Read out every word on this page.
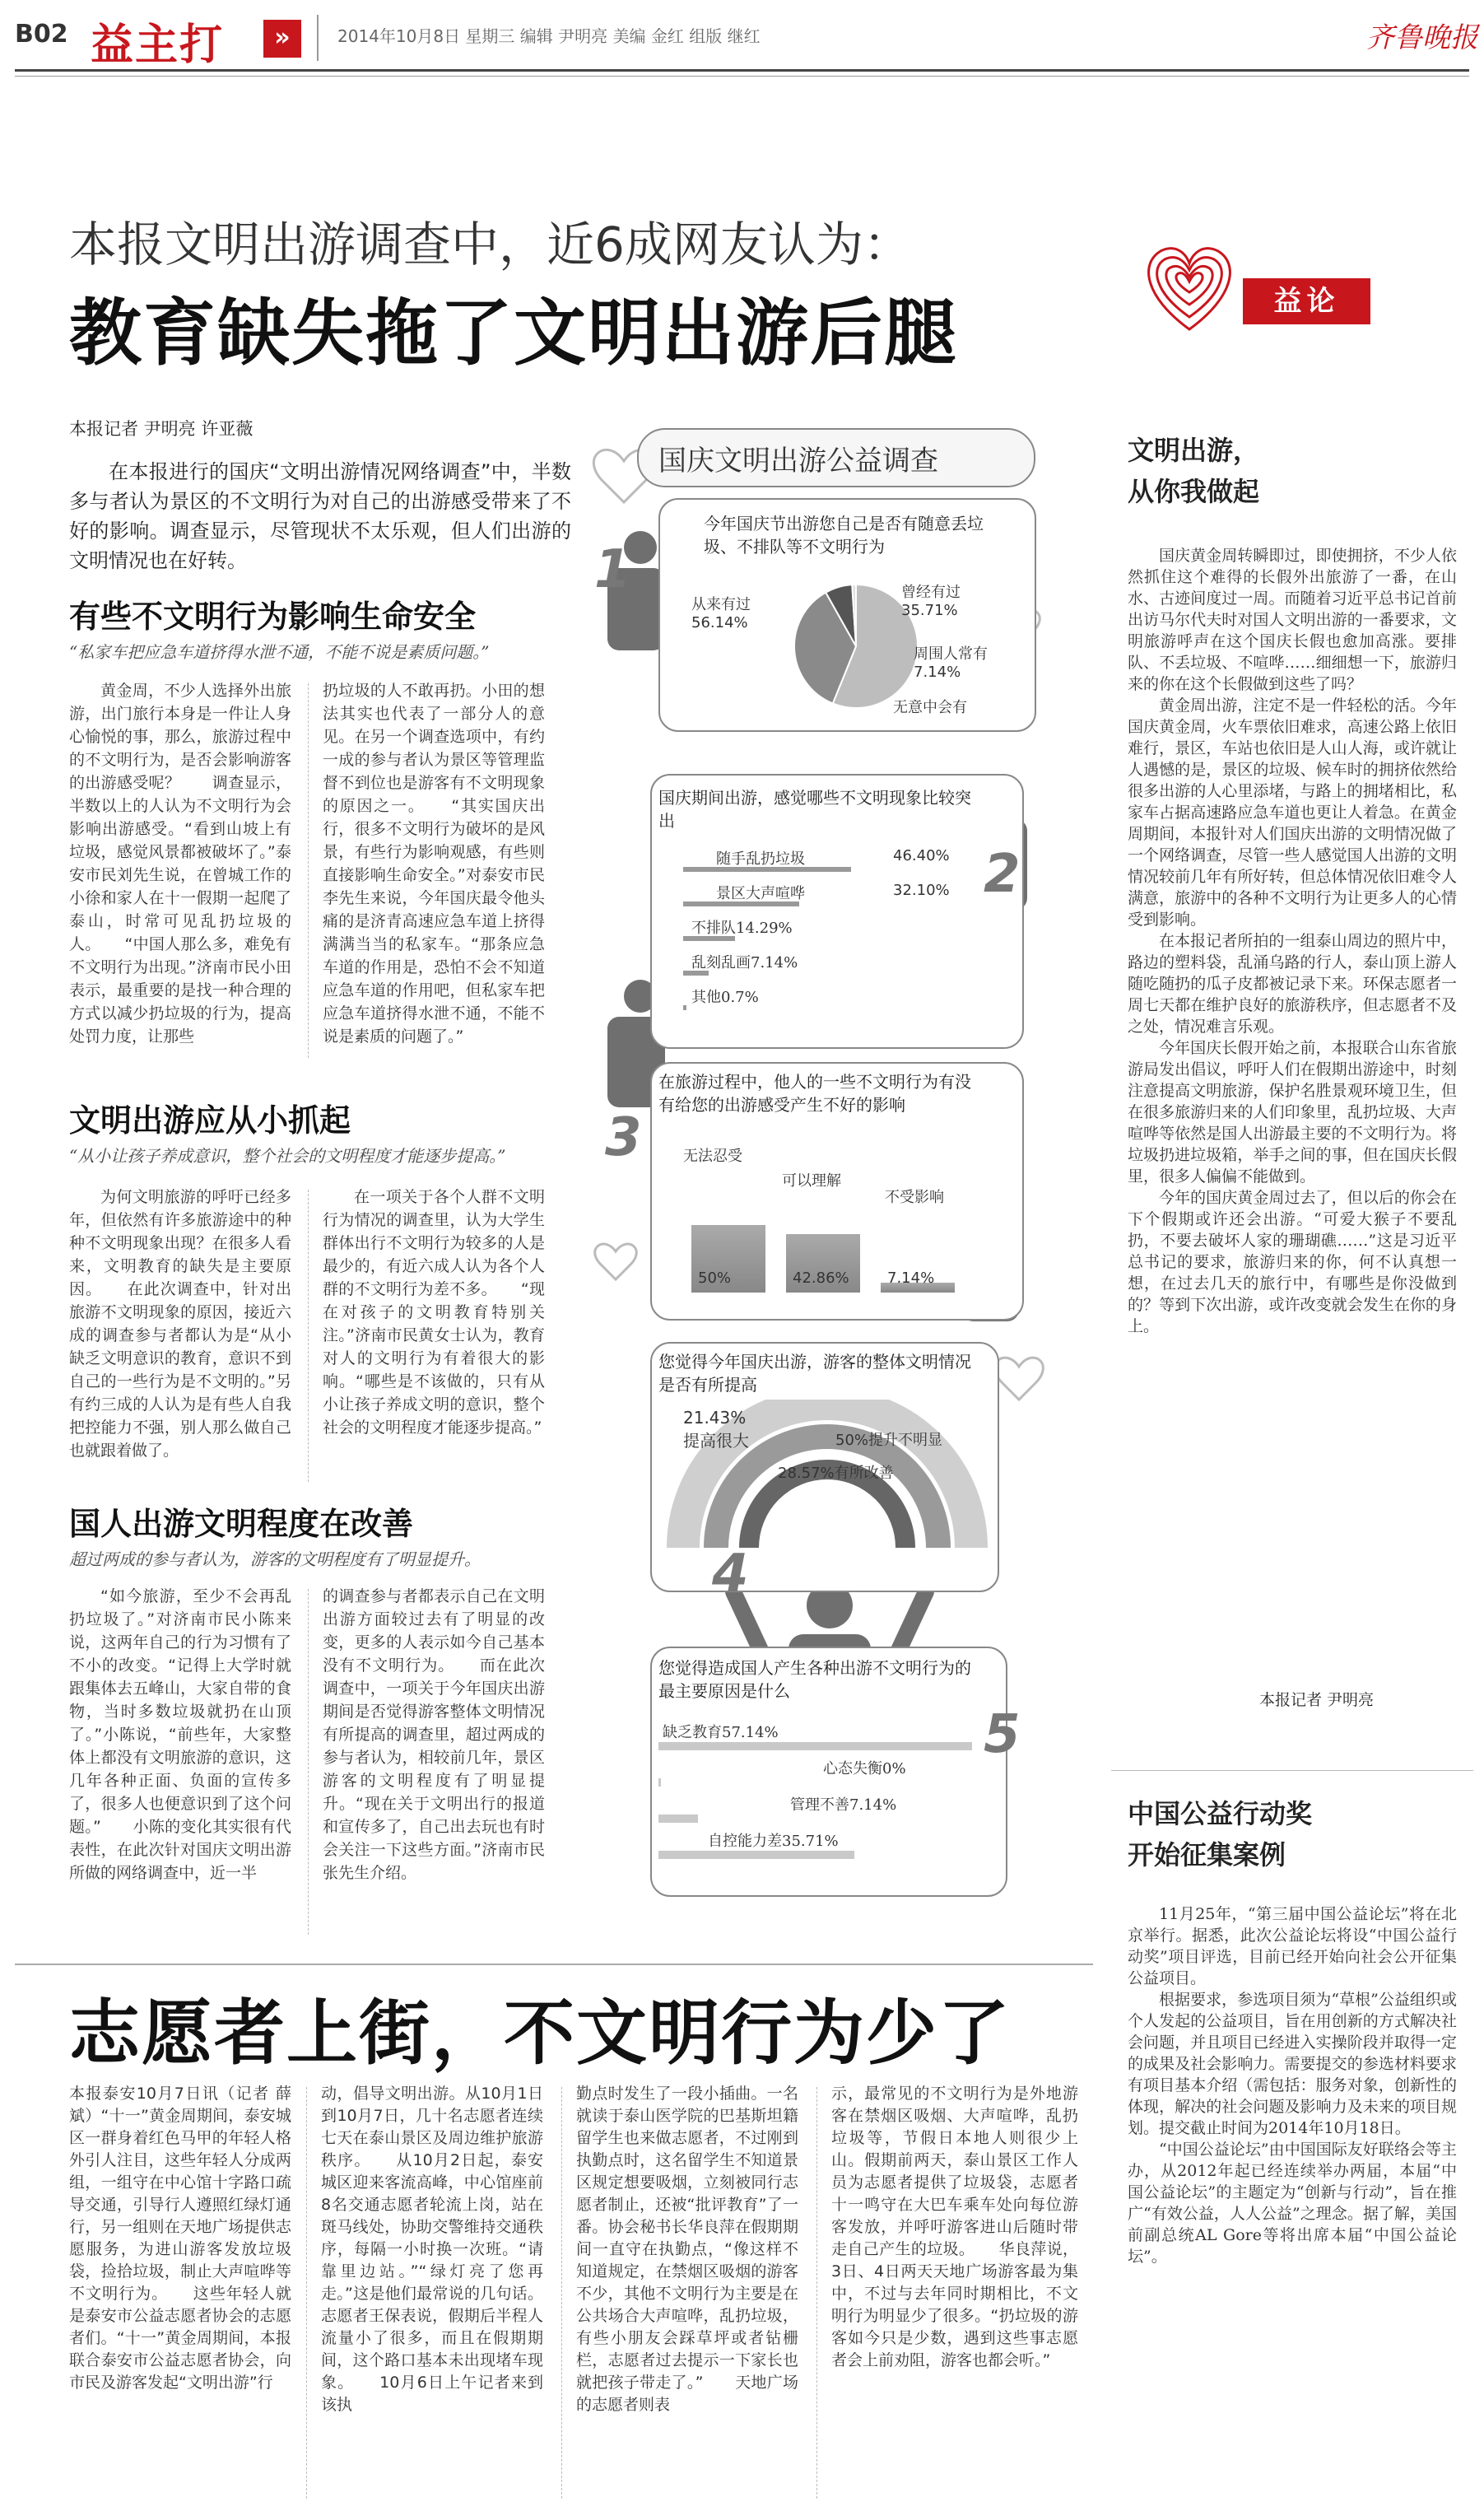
B02 益主打	»	2014年10月8日 星期三 编辑 尹明亮 美编 金红 组版 继红	齐鲁晚报
本报文明出游调查中，近6成网友认为：
教育缺失拖了文明出游后腿
本报记者 尹明亮 许亚薇
在本报进行的国庆“文明出游情况网络调查”中，半数多与者认为景区的不文明行为对自己的出游感受带来了不好的影响。调查显示，尽管现状不太乐观，但人们出游的文明情况也在好转。
有些不文明行为影响生命安全
“私家车把应急车道挤得水泄不通，不能不说是素质问题。”
黄金周，不少人选择外出旅游，出门旅行本身是一件让人身心愉悦的事，那么，旅游过程中的不文明行为，是否会影响游客的出游感受呢？　　调查显示，半数以上的人认为不文明行为会影响出游感受。“看到山坡上有垃圾，感觉风景都被破坏了。”泰安市民刘先生说，在曾城工作的小徐和家人在十一假期一起爬了泰山，时常可见乱扔垃圾的人。　　“中国人那么多，难免有不文明行为出现。”济南市民小田表示，最重要的是找一种合理的方式以减少扔垃圾的行为，提高处罚力度，让那些
扔垃圾的人不敢再扔。小田的想法其实也代表了一部分人的意见。在另一个调查选项中，有约一成的参与者认为景区等管理监督不到位也是游客有不文明现象的原因之一。　　“其实国庆出行，很多不文明行为破坏的是风景，有些行为影响观感，有些则直接影响生命安全。”对泰安市民李先生来说，今年国庆最令他头痛的是济青高速应急车道上挤得满满当当的私家车。“那条应急车道的作用是，恐怕不会不知道应急车道的作用吧，但私家车把应急车道挤得水泄不通，不能不说是素质的问题了。”
文明出游应从小抓起
“从小让孩子养成意识，整个社会的文明程度才能逐步提高。”
为何文明旅游的呼吁已经多年，但依然有许多旅游途中的种种不文明现象出现？在很多人看来，文明教育的缺失是主要原因。　　在此次调查中，针对出旅游不文明现象的原因，接近六成的调查参与者都认为是“从小缺乏文明意识的教育，意识不到自己的一些行为是不文明的。”另有约三成的人认为是有些人自我把控能力不强，别人那么做自己也就跟着做了。
在一项关于各个人群不文明行为情况的调查里，认为大学生群体出行不文明行为较多的人是最少的，有近六成人认为各个人群的不文明行为差不多。　　“现在对孩子的文明教育特别关注。”济南市民黄女士认为，教育对人的文明行为有着很大的影响。“哪些是不该做的，只有从小让孩子养成文明的意识，整个社会的文明程度才能逐步提高。”
国人出游文明程度在改善
超过两成的参与者认为，游客的文明程度有了明显提升。
“如今旅游，至少不会再乱扔垃圾了。”对济南市民小陈来说，这两年自己的行为习惯有了不小的改变。“记得上大学时就跟集体去五峰山，大家自带的食物，当时多数垃圾就扔在山顶了。”小陈说，“前些年，大家整体上都没有文明旅游的意识，这几年各种正面、负面的宣传多了，很多人也便意识到了这个问题。”　　小陈的变化其实很有代表性，在此次针对国庆文明出游所做的网络调查中，近一半
的调查参与者都表示自己在文明出游方面较过去有了明显的改变，更多的人表示如今自己基本没有不文明行为。　　而在此次调查中，一项关于今年国庆出游期间是否觉得游客整体文明情况有所提高的调查里，超过两成的参与者认为，相较前几年，景区游客的文明程度有了明显提升。“现在关于文明出行的报道和宣传多了，自己出去玩也有时会关注一下这些方面。”济南市民张先生介绍。
国庆文明出游公益调查
1
今年国庆节出游您自己是否有随意丢垃圾、不排队等不文明行为
从来有过
56.14%
曾经有过
35.71%
周围人常有7.14%
无意中会有
2
国庆期间出游，感觉哪些不文明现象比较突出
随手乱扔垃圾	46.40%
景区大声喧哗	32.10%
不排队14.29%
乱刻乱画7.14%
其他0.7%
3
在旅游过程中，他人的一些不文明行为有没有给您的出游感受产生不好的影响
无法忍受
50%
可以理解
42.86%
不受影响
7.14%
4
您觉得今年国庆出游，游客的整体文明情况是否有所提高
21.43%
提高很大	50%提升不明显
28.57%有所改善
5
您觉得造成国人产生各种出游不文明行为的最主要原因是什么
缺乏教育57.14%
心态失衡0%
管理不善7.14%
自控能力差35.71%
益论
文明出游，
从你我做起

国庆黄金周转瞬即过，即使拥挤，不少人依然抓住这个难得的长假外出旅游了一番，在山水、古迹间度过一周。而随着习近平总书记首前出访马尔代夫时对国人文明出游的一番要求，文明旅游呼声在这个国庆长假也愈加高涨。要排队、不丢垃圾、不喧哗……细细想一下，旅游归来的你在这个长假做到这些了吗？

黄金周出游，注定不是一件轻松的活。今年国庆黄金周，火车票依旧难求，高速公路上依旧难行，景区，车站也依旧是人山人海，或许就让人遇憾的是，景区的垃圾、候车时的拥挤依然给很多出游的人心里添堵，与路上的拥堵相比，私家车占据高速路应急车道也更让人着急。在黄金周期间，本报针对人们国庆出游的文明情况做了一个网络调查，尽管一些人感觉国人出游的文明情况较前几年有所好转，但总体情况依旧难令人满意，旅游中的各种不文明行为让更多人的心情受到影响。

在本报记者所拍的一组泰山周边的照片中，路边的塑料袋，乱涌乌路的行人，泰山顶上游人随吃随扔的瓜子皮都被记录下来。环保志愿者一周七天都在维护良好的旅游秩序，但志愿者不及之处，情况难言乐观。

今年国庆长假开始之前，本报联合山东省旅游局发出倡议，呼吁人们在假期出游途中，时刻注意提高文明旅游，保护名胜景观环境卫生，但在很多旅游归来的人们印象里，乱扔垃圾、大声喧哗等依然是国人出游最主要的不文明行为。将垃圾扔进垃圾箱，举手之间的事，但在国庆长假里，很多人偏偏不能做到。

今年的国庆黄金周过去了，但以后的你会在下个假期或许还会出游。“可爱大猴子不要乱扔，不要去破坏人家的珊瑚礁……”这是习近平总书记的要求，旅游归来的你，何不认真想一想，在过去几天的旅行中，有哪些是你没做到的？等到下次出游，或许改变就会发生在你的身上。

本报记者 尹明亮
中国公益行动奖
开始征集案例

11月25年，“第三届中国公益论坛”将在北京举行。据悉，此次公益论坛将设“中国公益行动奖”项目评选，目前已经开始向社会公开征集公益项目。

根据要求，参选项目须为“草根”公益组织或个人发起的公益项目，旨在用创新的方式解决社会问题，并且项目已经进入实操阶段并取得一定的成果及社会影响力。需要提交的参选材料要求有项目基本介绍（需包括：服务对象，创新性的体现，解决的社会问题及影响力及未来的项目规划。提交截止时间为2014年10月18日。

“中国公益论坛”由中国国际友好联络会等主办，从2012年起已经连续举办两届，本届“中国公益论坛”的主题定为“创新与行动”，旨在推广“有效公益，人人公益”之理念。据了解，美国前副总统AL Gore等将出席本届“中国公益论坛”。

志愿者上街，不文明行为少了
本报泰安10月7日讯（记者 薛斌）“十一”黄金周期间，泰安城区一群身着红色马甲的年轻人格外引人注目，这些年轻人分成两组，一组守在中心馆十字路口疏导交通，引导行人遵照红绿灯通行，另一组则在天地广场提供志愿服务，为进山游客发放垃圾袋，捡拾垃圾，制止大声喧哗等不文明行为。　　这些年轻人就是泰安市公益志愿者协会的志愿者们。“十一”黄金周期间，本报联合泰安市公益志愿者协会，向市民及游客发起“文明出游”行
动，倡导文明出游。从10月1日到10月7日，几十名志愿者连续七天在泰山景区及周边维护旅游秩序。　　从10月2日起，泰安城区迎来客流高峰，中心馆座前8名交通志愿者轮流上岗，站在斑马线处，协助交警维持交通秩序，每隔一小时换一次班。“请靠里边站。”“绿灯亮了您再走。”这是他们最常说的几句话。志愿者王保表说，假期后半程人流量小了很多，而且在假期期间，这个路口基本未出现堵车现象。　　10月6日上午记者来到该执
勤点时发生了一段小插曲。一名就读于泰山医学院的巴基斯坦籍留学生也来做志愿者，不过刚到执勤点时，这名留学生不知道景区规定想要吸烟，立刻被同行志愿者制止，还被“批评教育”了一番。协会秘书长华良萍在假期期间一直守在执勤点，“像这样不知道规定，在禁烟区吸烟的游客不少，其他不文明行为主要是在公共场合大声喧哗，乱扔垃圾，有些小朋友会踩草坪或者钻栅栏，志愿者过去提示一下家长也就把孩子带走了。”　　天地广场的志愿者则表
示，最常见的不文明行为是外地游客在禁烟区吸烟、大声喧哗，乱扔垃圾等，节假日本地人则很少上山。假期前两天，泰山景区工作人员为志愿者提供了垃圾袋，志愿者十一鸣守在大巴车乘车处向每位游客发放，并呼吁游客进山后随时带走自己产生的垃圾。　　华良萍说，3日、4日两天天地广场游客最为集中，不过与去年同时期相比，不文明行为明显少了很多。“扔垃圾的游客如今只是少数，遇到这些事志愿者会上前劝阻，游客也都会听。”
